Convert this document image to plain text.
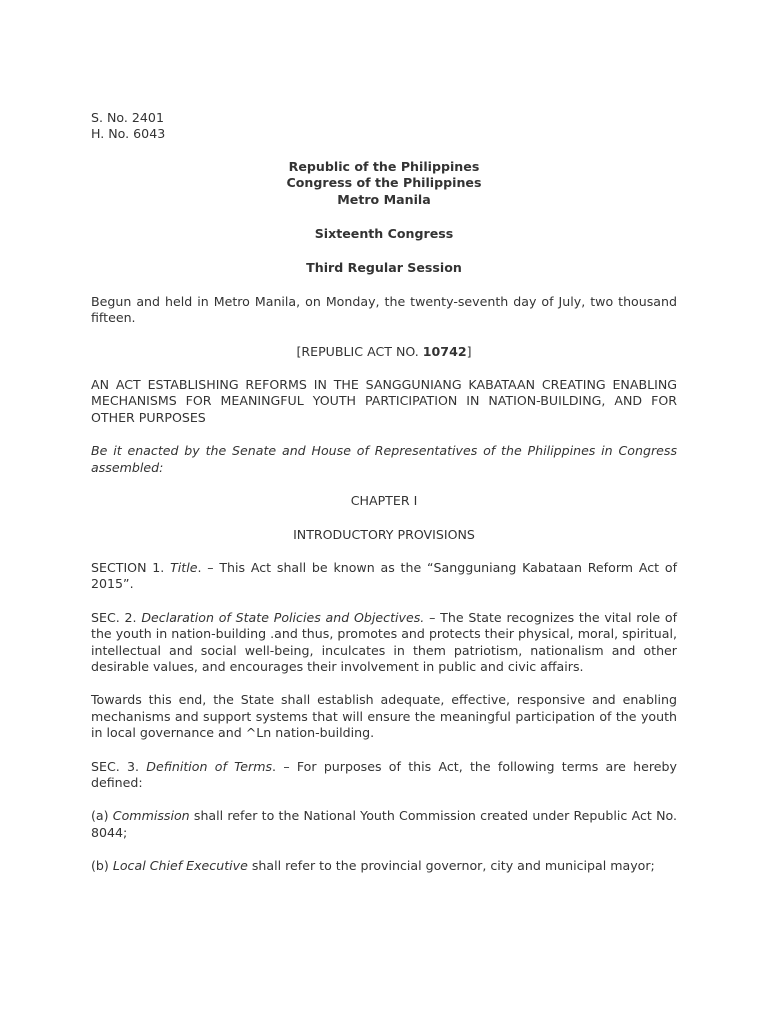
S. No. 2401

H. No. 6043

Republic of the Philippines

Congress of the Philippines

Metro Manila

Sixteenth Congress

Third Regular Session

Begun and held in Metro Manila, on Monday, the twenty-seventh day of July, two thousand fifteen.

[REPUBLIC ACT NO. 10742]

AN ACT ESTABLISHING REFORMS IN THE SANGGUNIANG KABATAAN CREATING ENABLING MECHANISMS FOR MEANINGFUL YOUTH PARTICIPATION IN NATION-BUILDING, AND FOR OTHER PURPOSES

Be it enacted by the Senate and House of Representatives of the Philippines in Congress assembled:

CHAPTER I

INTRODUCTORY PROVISIONS

SECTION 1. Title. – This Act shall be known as the “Sangguniang Kabataan Reform Act of 2015”.

SEC. 2. Declaration of State Policies and Objectives. – The State recognizes the vital role of the youth in nation-building .and thus, promotes and protects their physical, moral, spiritual, intellectual and social well-being, inculcates in them patriotism, nationalism and other desirable values, and encourages their involvement in public and civic affairs.

Towards this end, the State shall establish adequate, effective, responsive and enabling mechanisms and support systems that will ensure the meaningful participation of the youth in local governance and ^Ln nation-building.

SEC. 3. Definition of Terms. – For purposes of this Act, the following terms are hereby defined:

(a) Commission shall refer to the National Youth Commission created under Republic Act No. 8044;

(b) Local Chief Executive shall refer to the provincial governor, city and municipal mayor;
